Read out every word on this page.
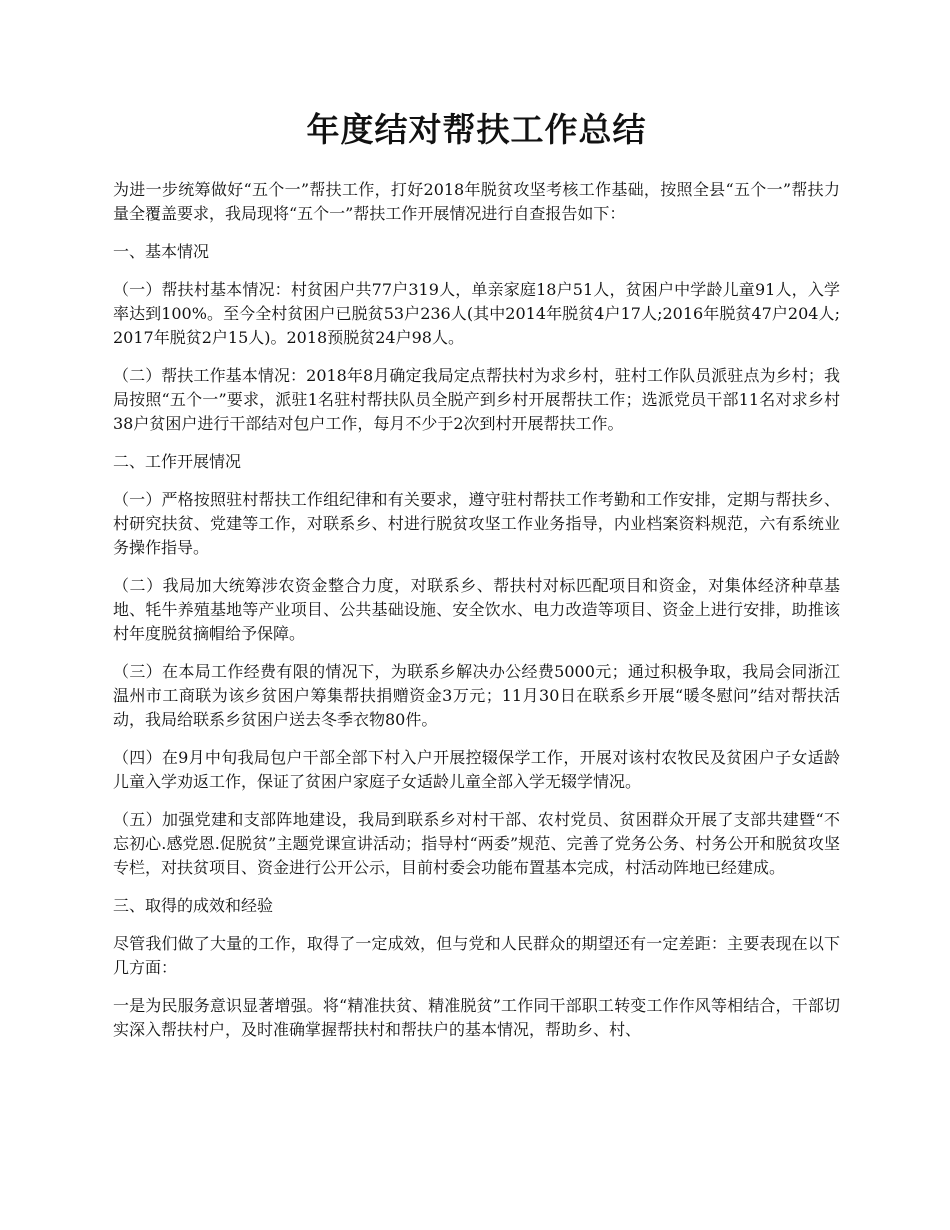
年度结对帮扶工作总结

为进一步统筹做好“五个一”帮扶工作，打好2018年脱贫攻坚考核工作基础，按照全县“五个一”帮扶力量全覆盖要求，我局现将“五个一”帮扶工作开展情况进行自查报告如下：

一、基本情况

（一）帮扶村基本情况：村贫困户共77户319人，单亲家庭18户51人，贫困户中学龄儿童91人，入学率达到100%。至今全村贫困户已脱贫53户236人(其中2014年脱贫4户17人;2016年脱贫47户204人;2017年脱贫2户15人)。2018预脱贫24户98人。

（二）帮扶工作基本情况：2018年8月确定我局定点帮扶村为求乡村，驻村工作队员派驻点为乡村；我局按照“五个一”要求，派驻1名驻村帮扶队员全脱产到乡村开展帮扶工作；选派党员干部11名对求乡村38户贫困户进行干部结对包户工作，每月不少于2次到村开展帮扶工作。

二、工作开展情况

（一）严格按照驻村帮扶工作组纪律和有关要求，遵守驻村帮扶工作考勤和工作安排，定期与帮扶乡、村研究扶贫、党建等工作，对联系乡、村进行脱贫攻坚工作业务指导，内业档案资料规范，六有系统业务操作指导。

（二）我局加大统筹涉农资金整合力度，对联系乡、帮扶村对标匹配项目和资金，对集体经济种草基地、牦牛养殖基地等产业项目、公共基础设施、安全饮水、电力改造等项目、资金上进行安排，助推该村年度脱贫摘帽给予保障。

（三）在本局工作经费有限的情况下，为联系乡解决办公经费5000元；通过积极争取，我局会同浙江温州市工商联为该乡贫困户筹集帮扶捐赠资金3万元；11月30日在联系乡开展“暖冬慰问”结对帮扶活动，我局给联系乡贫困户送去冬季衣物80件。

（四）在9月中旬我局包户干部全部下村入户开展控辍保学工作，开展对该村农牧民及贫困户子女适龄儿童入学劝返工作，保证了贫困户家庭子女适龄儿童全部入学无辍学情况。

（五）加强党建和支部阵地建设，我局到联系乡对村干部、农村党员、贫困群众开展了支部共建暨“不忘初心.感党恩.促脱贫”主题党课宣讲活动；指导村“两委”规范、完善了党务公务、村务公开和脱贫攻坚专栏，对扶贫项目、资金进行公开公示，目前村委会功能布置基本完成，村活动阵地已经建成。

三、取得的成效和经验

尽管我们做了大量的工作，取得了一定成效，但与党和人民群众的期望还有一定差距：主要表现在以下几方面：

一是为民服务意识显著增强。将“精准扶贫、精准脱贫”工作同干部职工转变工作作风等相结合，干部切实深入帮扶村户，及时准确掌握帮扶村和帮扶户的基本情况，帮助乡、村、
